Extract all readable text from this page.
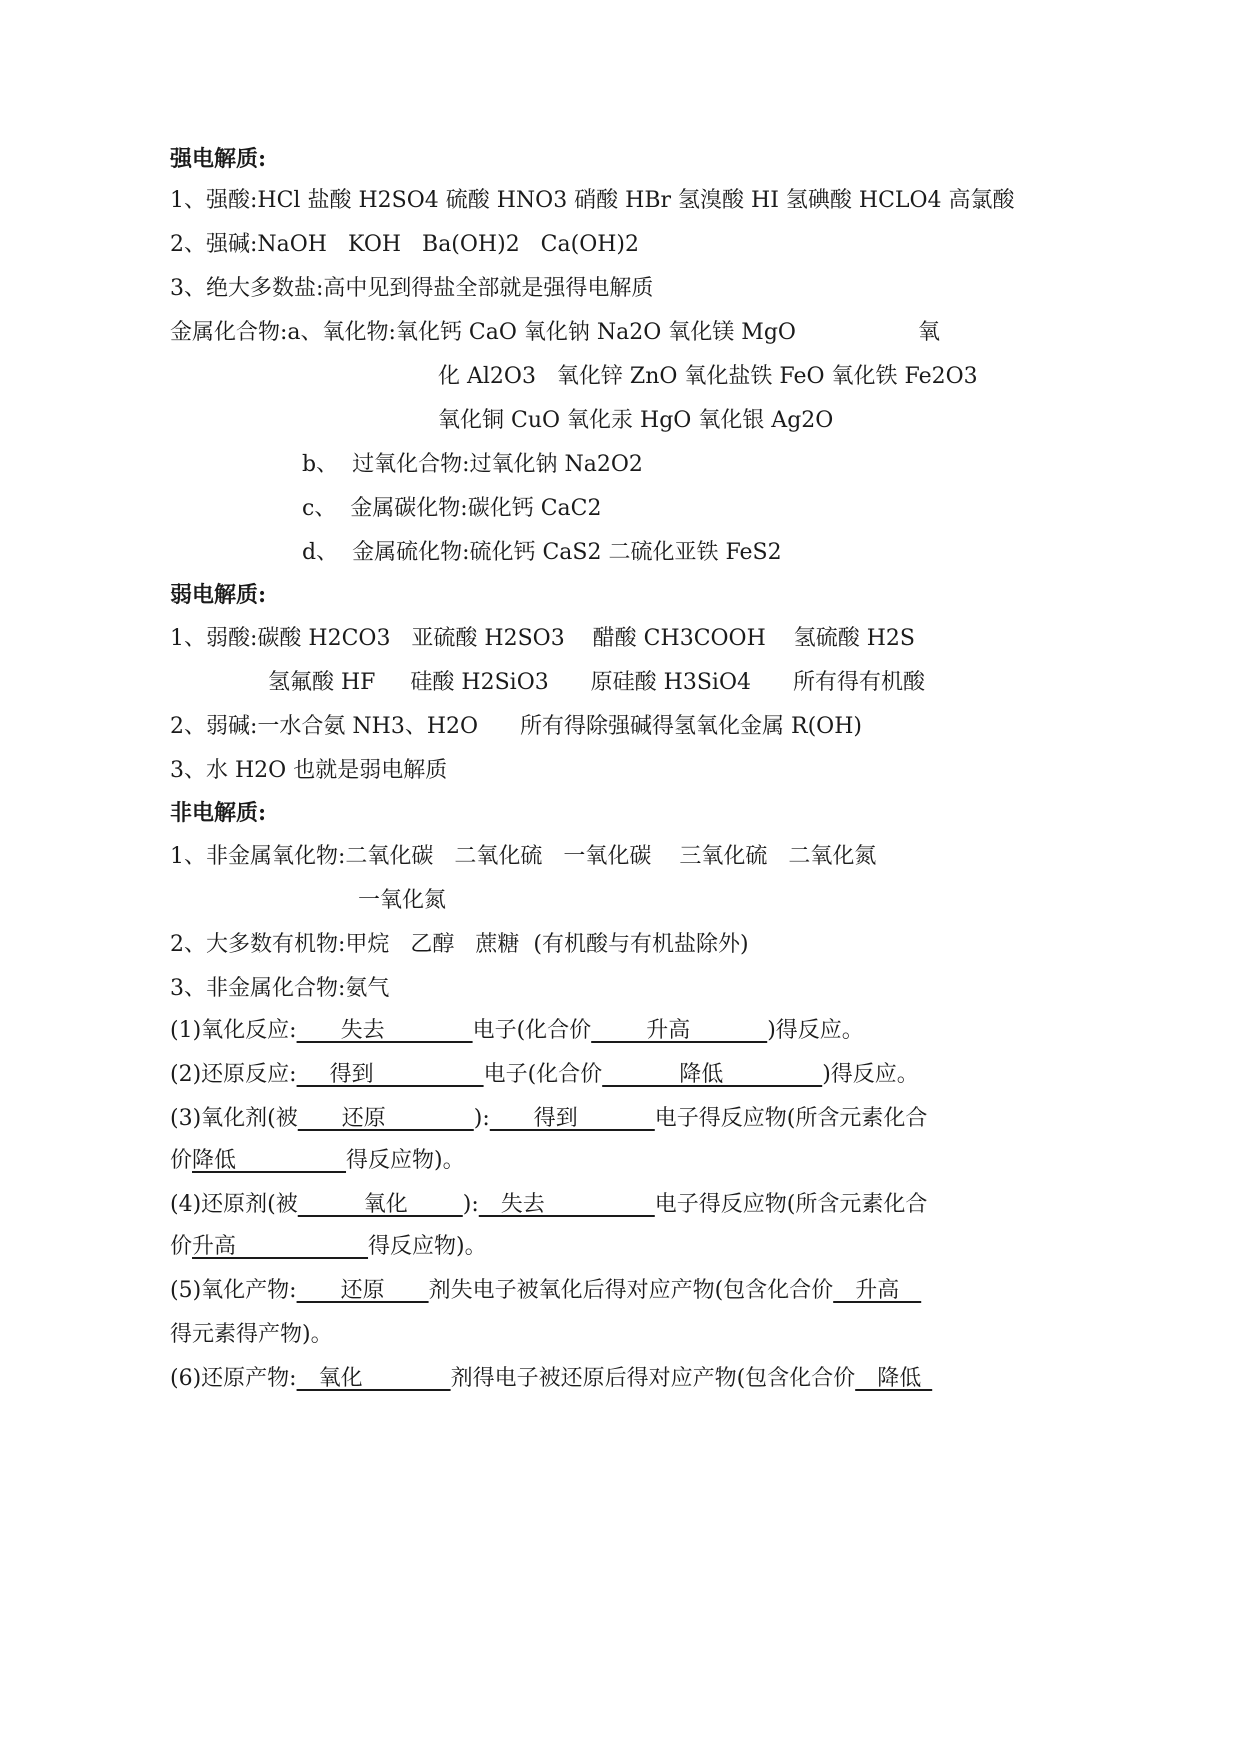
强电解质:
1、强酸:HCl 盐酸 H2SO4 硫酸 HNO3 硝酸 HBr 氢溴酸 HI 氢碘酸 HCLO4 高氯酸
2、强碱:NaOH   KOH   Ba(OH)2   Ca(OH)2
3、绝大多数盐:高中见到得盐全部就是强得电解质
金属化合物:a、氧化物:氧化钙 CaO 氧化钠 Na2O 氧化镁 MgO	氧
化 Al2O3   氧化锌 ZnO 氧化盐铁 FeO 氧化铁 Fe2O3
氧化铜 CuO 氧化汞 HgO 氧化银 Ag2O
b、  过氧化合物:过氧化钠 Na2O2
c、  金属碳化物:碳化钙 CaC2
d、  金属硫化物:硫化钙 CaS2 二硫化亚铁 FeS2
弱电解质:
1、弱酸:碳酸 H2CO3   亚硫酸 H2SO3    醋酸 CH3COOH    氢硫酸 H2S
氢氟酸 HF     硅酸 H2SiO3      原硅酸 H3SiO4      所有得有机酸
2、弱碱:一水合氨 NH3、H2O      所有得除强碱得氢氧化金属 R(OH)
3、水 H2O 也就是弱电解质
非电解质:
1、非金属氧化物:二氧化碳   二氧化硫   一氧化碳    三氧化硫   二氧化氮
一氧化氮
2、大多数有机物:甲烷   乙醇   蔗糖  (有机酸与有机盐除外)
3、非金属化合物:氨气
(1)氧化反应:    失去        电子(化合价     升高       )得反应。
(2)还原反应:   得到          电子(化合价       降低         )得反应。
(3)氧化剂(被    还原        ):    得到       电子得反应物(所含元素化合
价降低          得反应物)。
(4)还原剂(被      氧化     ):  失去          电子得反应物(所含元素化合
价升高            得反应物)。
(5)氧化产物:    还原    剂失电子被氧化后得对应产物(包含化合价  升高  
得元素得产物)。
(6)还原产物:  氧化        剂得电子被还原后得对应产物(包含化合价  降低 
